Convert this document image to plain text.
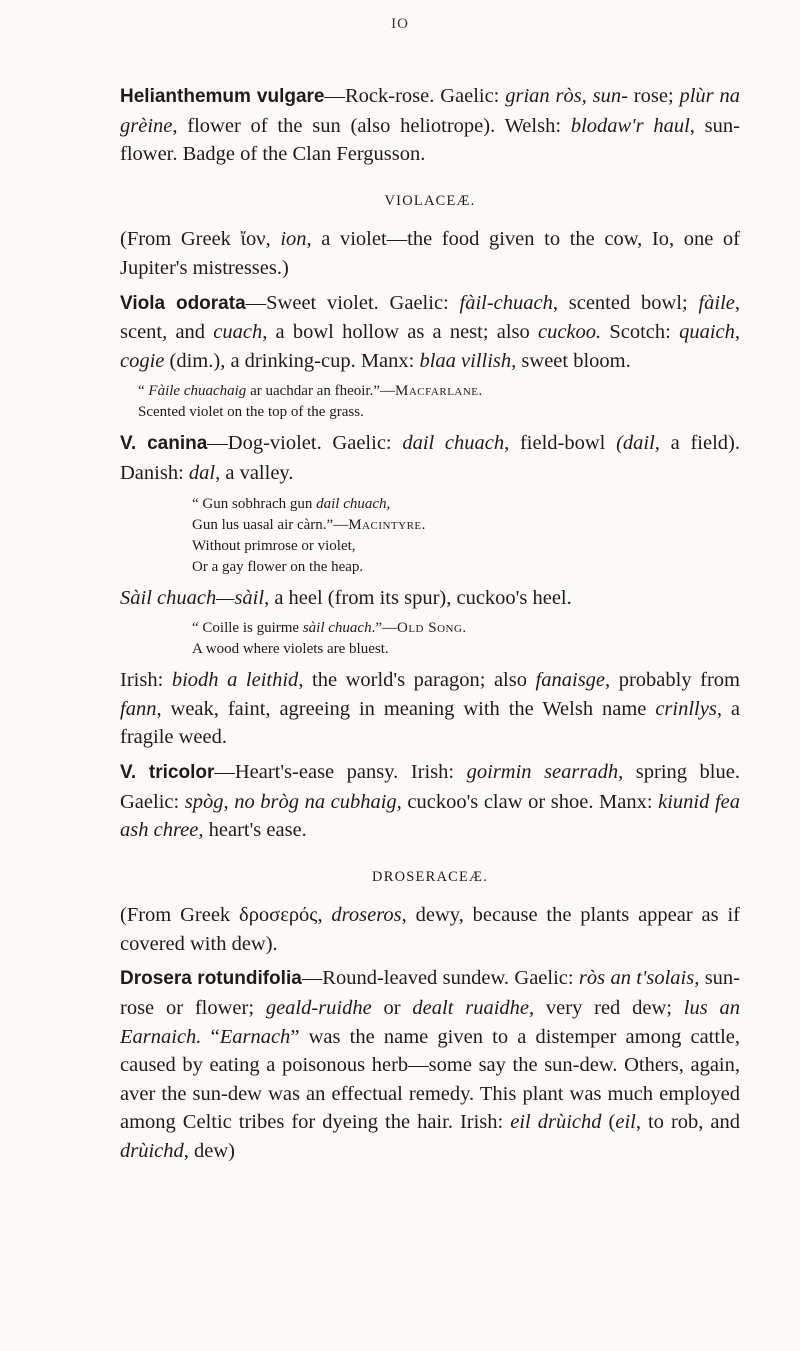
IO

Helianthemum vulgare—Rock-rose. Gaelic: grian ròs, sun- rose; plùr na grèine, flower of the sun (also heliotrope). Welsh: blodaw'r haul, sun-flower. Badge of the Clan Fergusson.

VIOLACEÆ.

(From Greek ἴον, ion, a violet—the food given to the cow, Io, one of Jupiter's mistresses.)

Viola odorata—Sweet violet. Gaelic: fàil-chuach, scented bowl; fàile, scent, and cuach, a bowl hollow as a nest; also cuckoo. Scotch: quaich, cogie (dim.), a drinking-cup. Manx: blaa villish, sweet bloom.

“ Fàile chuachaig ar uachdar an fheoir.”—Macfarlane.
Scented violet on the top of the grass.

V. canina—Dog-violet. Gaelic: dail chuach, field-bowl (dail, a field). Danish: dal, a valley.

“ Gun sobhrach gun dail chuach,
Gun lus uasal air càrn.”—Macintyre.
Without primrose or violet,
Or a gay flower on the heap.

Sàil chuach—sàil, a heel (from its spur), cuckoo's heel.

“ Coille is guirme sàil chuach.”—Old Song.
A wood where violets are bluest.

Irish: biodh a leithid, the world's paragon; also fanaisge, probably from fann, weak, faint, agreeing in meaning with the Welsh name crinllys, a fragile weed.

V. tricolor—Heart's-ease pansy. Irish: goirmin searradh, spring blue. Gaelic: spòg, no bròg na cubhaig, cuckoo's claw or shoe. Manx: kiunid fea ash chree, heart's ease.

DROSERACEÆ.

(From Greek δροσερός, droseros, dewy, because the plants appear as if covered with dew).

Drosera rotundifolia—Round-leaved sundew. Gaelic: ròs an t'solais, sun-rose or flower; geald-ruidhe or dealt ruaidhe, very red dew; lus an Earnaich. “Earnach” was the name given to a distemper among cattle, caused by eating a poisonous herb—some say the sun-dew. Others, again, aver the sun-dew was an effectual remedy. This plant was much employed among Celtic tribes for dyeing the hair. Irish: eil drùichd (eil, to rob, and drùichd, dew)
